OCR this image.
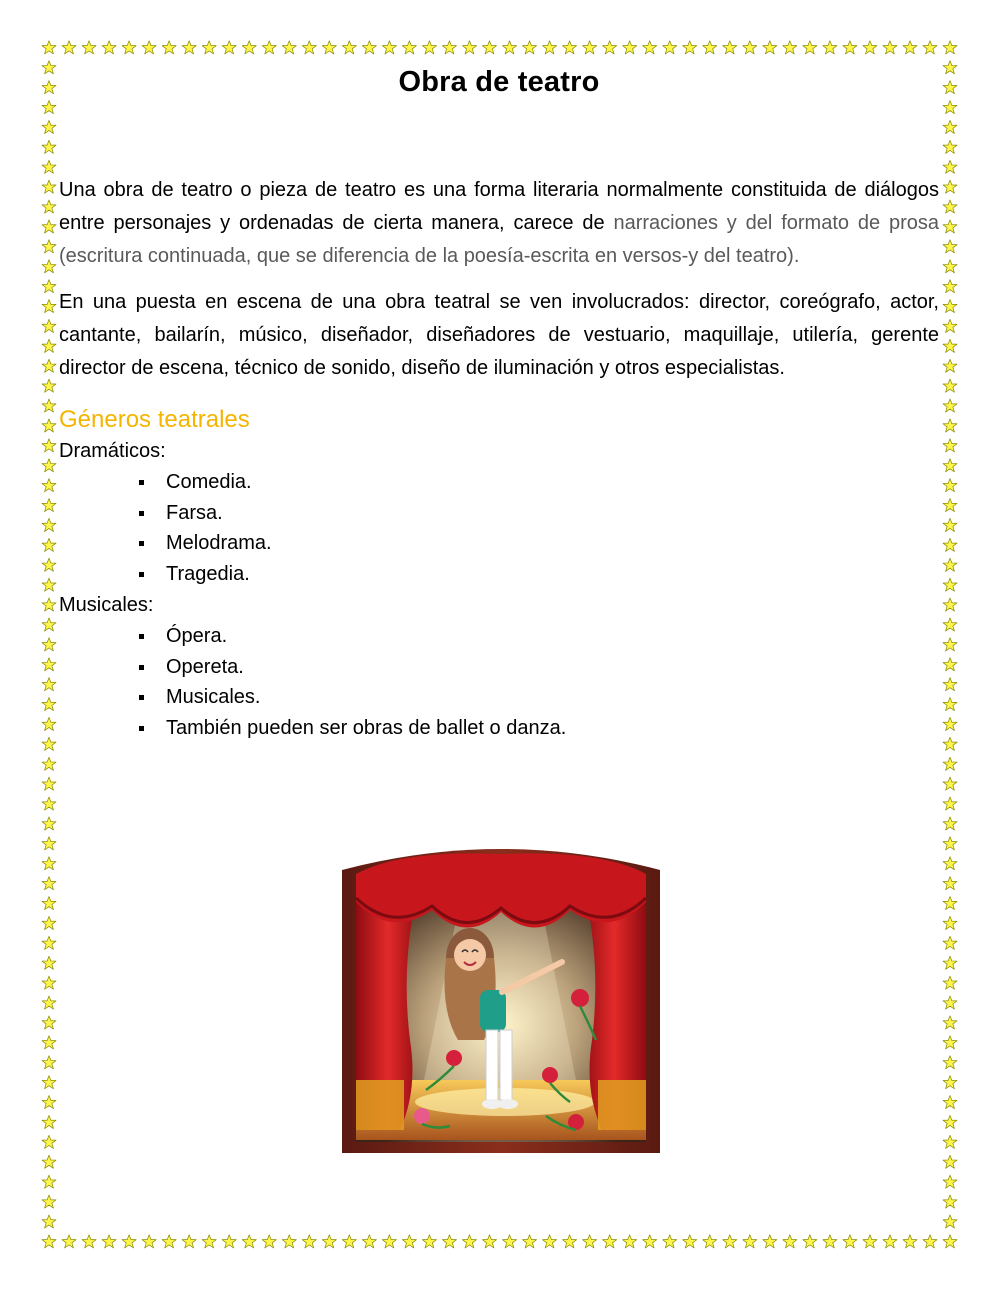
Obra de teatro

Una obra de teatro o pieza de teatro es una forma literaria normalmente constituida de diálogos entre personajes y ordenadas de cierta manera, carece de narraciones y del formato de prosa (escritura continuada, que se diferencia de la poesía-escrita en versos-y del teatro).

En una puesta en escena de una obra teatral se ven involucrados: director, coreógrafo, actor, cantante, bailarín, músico, diseñador, diseñadores de vestuario, maquillaje, utilería, gerente director de escena, técnico de sonido, diseño de iluminación y otros especialistas.

Géneros teatrales

Dramáticos:

Comedia.
Farsa.
Melodrama.
Tragedia.

Musicales:

Ópera.
Opereta.
Musicales.
También pueden ser obras de ballet o danza.
